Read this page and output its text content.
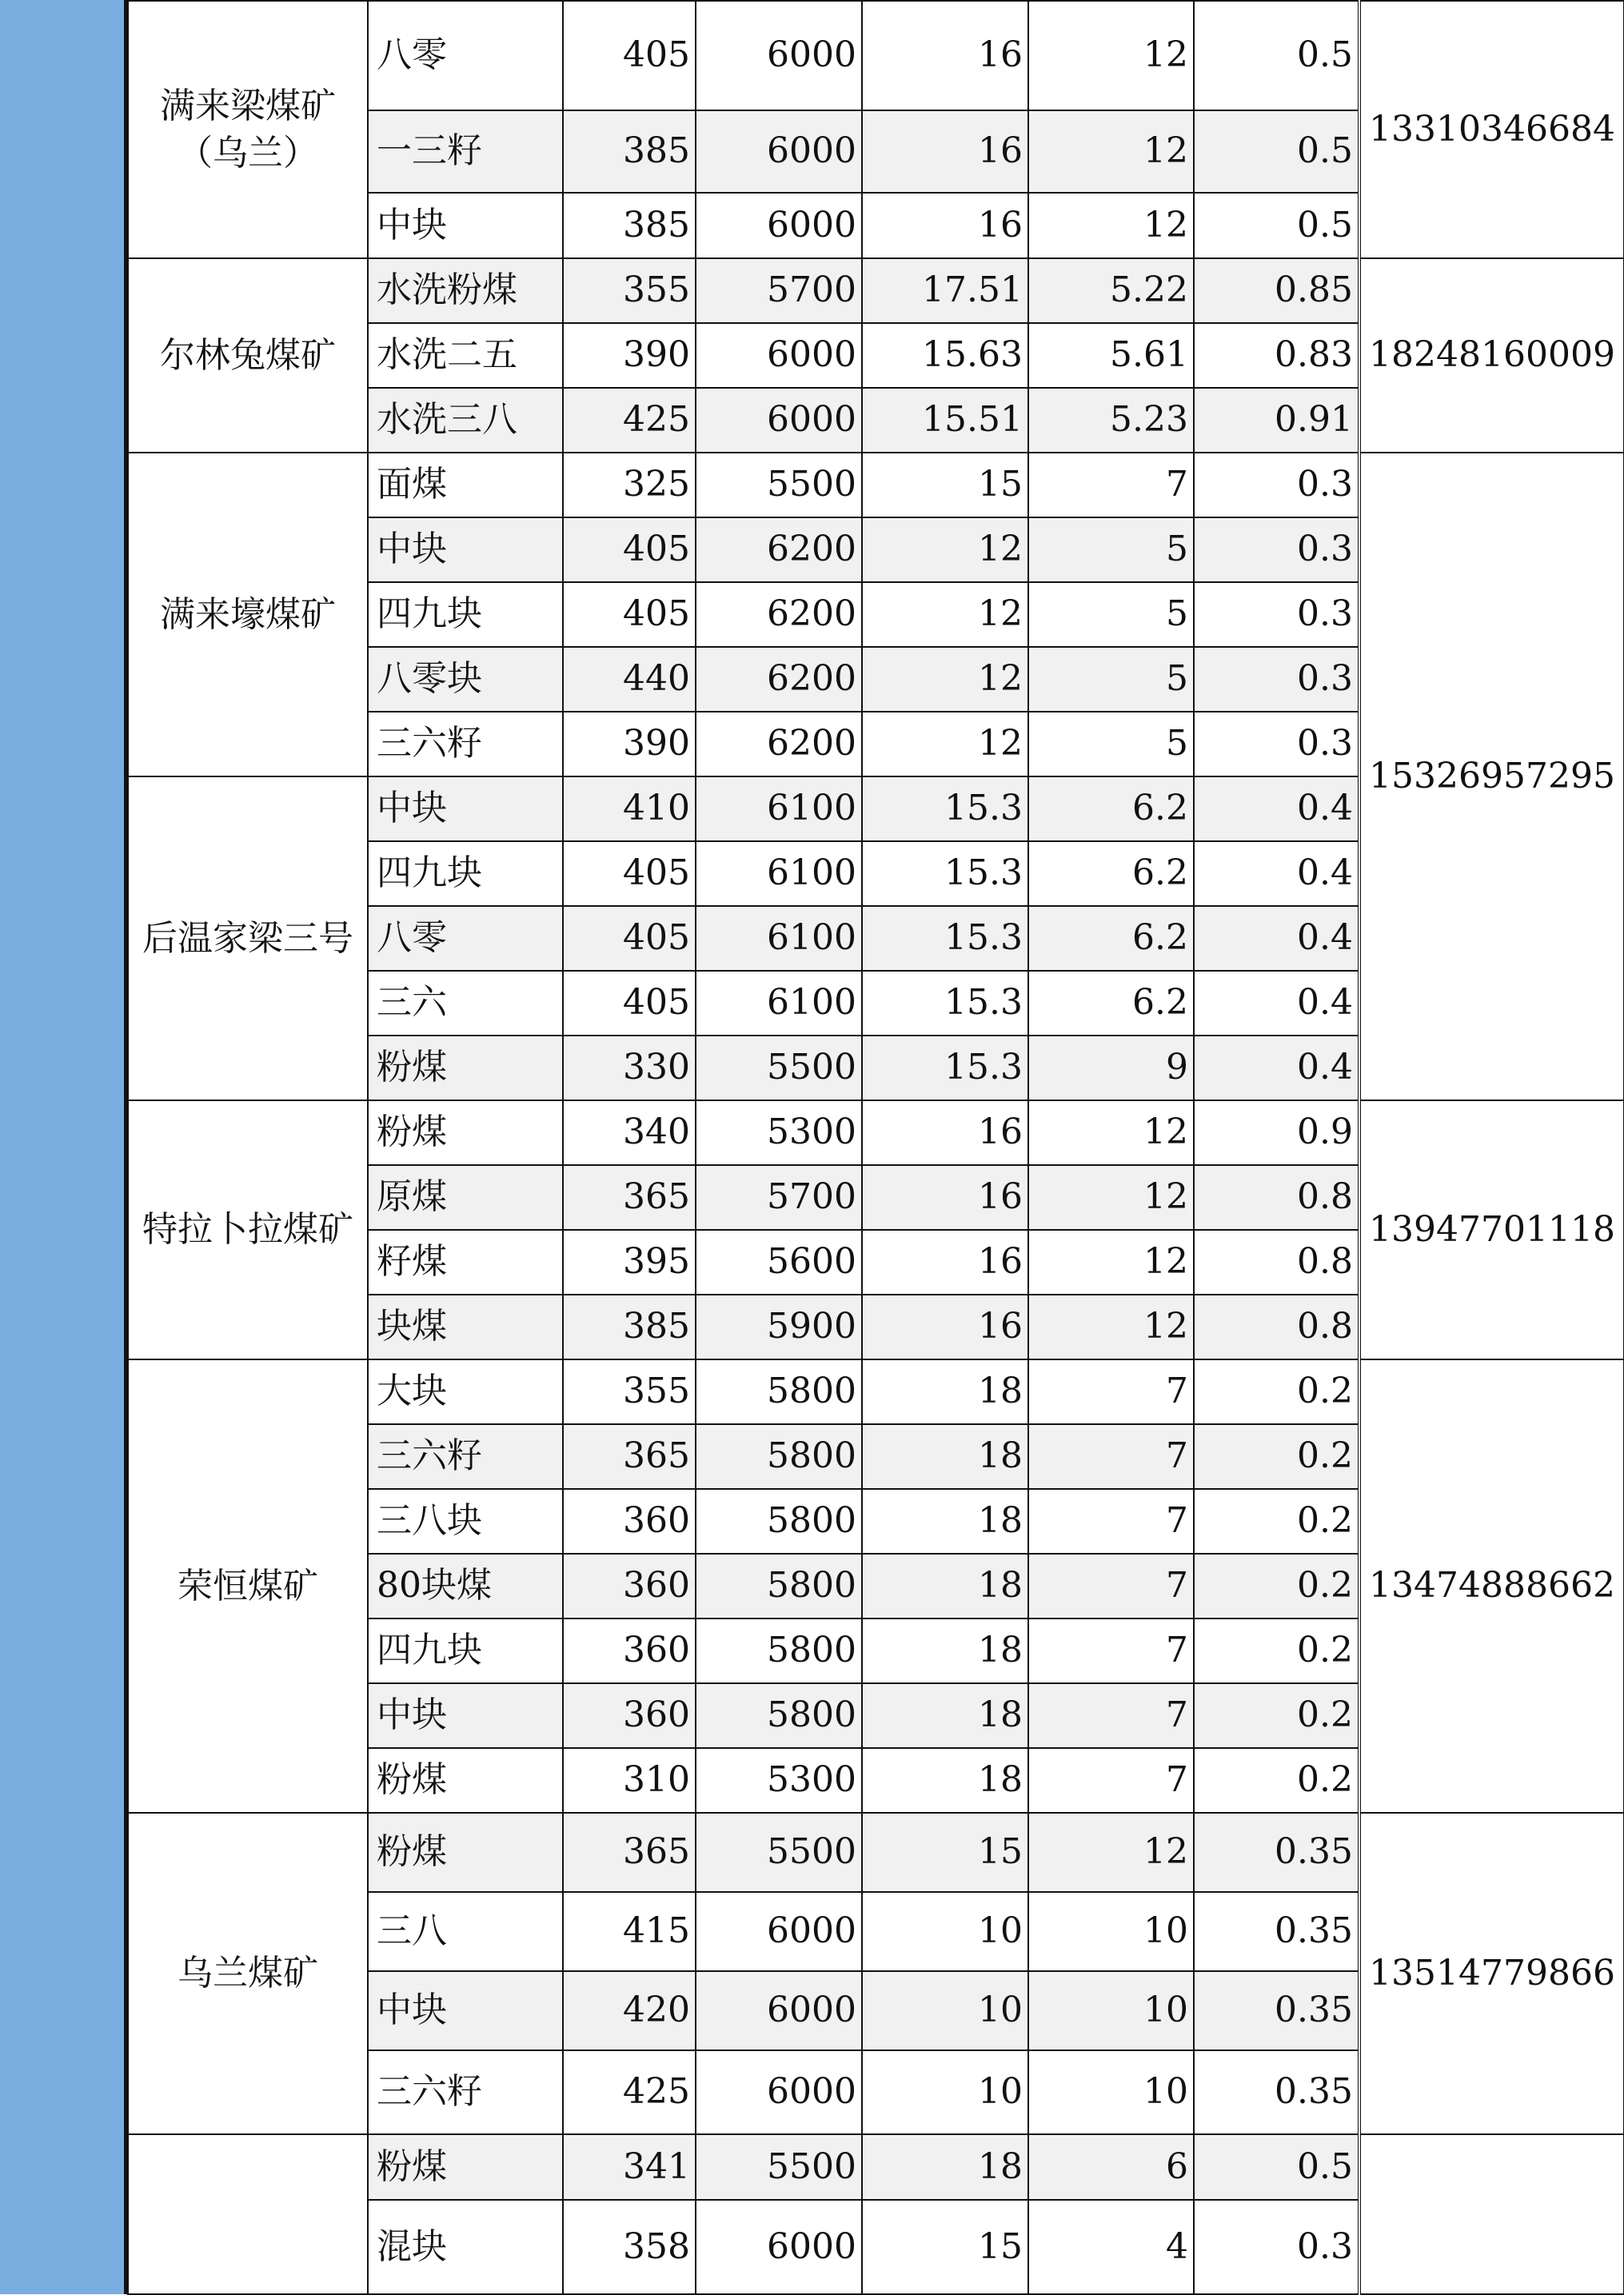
满来梁煤矿（乌兰）	八零	405	6000	16	12	0.5	13310346684
	一三籽	385	6000	16	12	0.5	
	中块	385	6000	16	12	0.5	
尔林兔煤矿	水洗粉煤	355	5700	17.51	5.22	0.85	18248160009
	水洗二五	390	6000	15.63	5.61	0.83	
	水洗三八	425	6000	15.51	5.23	0.91	
满来壕煤矿	面煤	325	5500	15	7	0.3	15326957295
	中块	405	6200	12	5	0.3	
	四九块	405	6200	12	5	0.3	
	八零块	440	6200	12	5	0.3	
	三六籽	390	6200	12	5	0.3	
后温家梁三号	中块	410	6100	15.3	6.2	0.4	
	四九块	405	6100	15.3	6.2	0.4	
	八零	405	6100	15.3	6.2	0.4	
	三六	405	6100	15.3	6.2	0.4	
	粉煤	330	5500	15.3	9	0.4	
特拉卜拉煤矿	粉煤	340	5300	16	12	0.9	13947701118
	原煤	365	5700	16	12	0.8	
	籽煤	395	5600	16	12	0.8	
	块煤	385	5900	16	12	0.8	
荣恒煤矿	大块	355	5800	18	7	0.2	13474888662
	三六籽	365	5800	18	7	0.2	
	三八块	360	5800	18	7	0.2	
	80块煤	360	5800	18	7	0.2	
	四九块	360	5800	18	7	0.2	
	中块	360	5800	18	7	0.2	
	粉煤	310	5300	18	7	0.2	
乌兰煤矿	粉煤	365	5500	15	12	0.35	13514779866
	三八	415	6000	10	10	0.35	
	中块	420	6000	10	10	0.35	
	三六籽	425	6000	10	10	0.35	
	粉煤	341	5500	18	6	0.5	
	混块	358	6000	15	4	0.3	
